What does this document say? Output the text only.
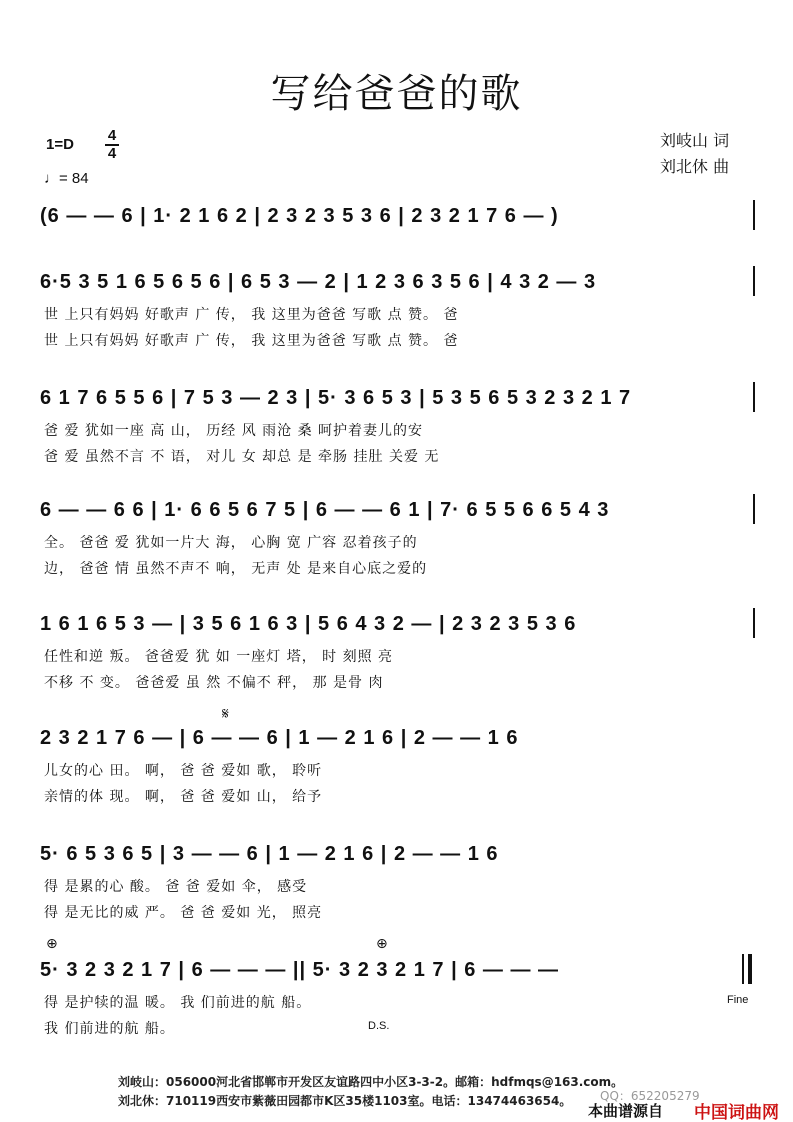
写给爸爸的歌
1=D
4
4
♩= 84
刘岐山 词
刘北休 曲
(6 — — 6 | 1· 2 1 6 2 | 2 3 2 3 5 3 6 | 2 3 2 1 7 6 — )
6·5 3 5 1 6 5 6 5 6 | 6 5 3 — 2 | 1 2 3 6 3 5 6 | 4 3 2 — 3
世 上只有妈妈 好歌声 广 传， 我 这里为爸爸 写歌 点 赞。 爸
世 上只有妈妈 好歌声 广 传， 我 这里为爸爸 写歌 点 赞。 爸
6 1 7 6 5 5 6 | 7 5 3 — 2 3 | 5· 3 6 5 3 | 5 3 5 6 5 3 2 3 2 1 7
爸 爱 犹如一座 高 山， 历经 风 雨沧 桑 呵护着妻儿的安
爸 爱 虽然不言 不 语， 对儿 女 却总 是 牵肠 挂肚 关爱 无
6 — — 6 6 | 1· 6 6 5 6 7 5 | 6 — — 6 1 | 7· 6 5 5 6 6 5 4 3
全。 爸爸 爱 犹如一片大 海， 心胸 宽 广容 忍着孩子的
边， 爸爸 情 虽然不声不 响， 无声 处 是来自心底之爱的
1 6 1 6 5 3 — | 3 5 6 1 6 3 | 5 6 4 3 2 — | 2 3 2 3 5 3 6
任性和逆 叛。 爸爸爱 犹 如 一座灯 塔， 时 刻照 亮
不移 不 变。 爸爸爱 虽 然 不偏不 秤， 那 是骨 肉
𝄋
2 3 2 1 7 6 — | 6 — — 6 | 1 — 2 1 6 | 2 — — 1 6
儿女的心 田。 啊， 爸 爸 爱如 歌， 聆听
亲情的体 现。 啊， 爸 爸 爱如 山， 给予
5· 6 5 3 6 5 | 3 — — 6 | 1 — 2 1 6 | 2 — — 1 6
得 是累的心 酸。 爸 爸 爱如 伞， 感受
得 是无比的威 严。 爸 爸 爱如 光， 照亮
⊕	⊕
5· 3 2 3 2 1 7 | 6 — — — || 5· 3 2 3 2 1 7 | 6 — — —
得 是护犊的温 暖。 我 们前进的航 船。
我 们前进的航 船。
Fine
D.S.
刘岐山：056000河北省邯郸市开发区友谊路四中小区3-3-2。邮箱：hdfmqs@163.com。
刘北休：710119西安市紫薇田园都市K区35楼1103室。电话：13474463654。 QQ：652205279
本曲谱源自 中国词曲网
